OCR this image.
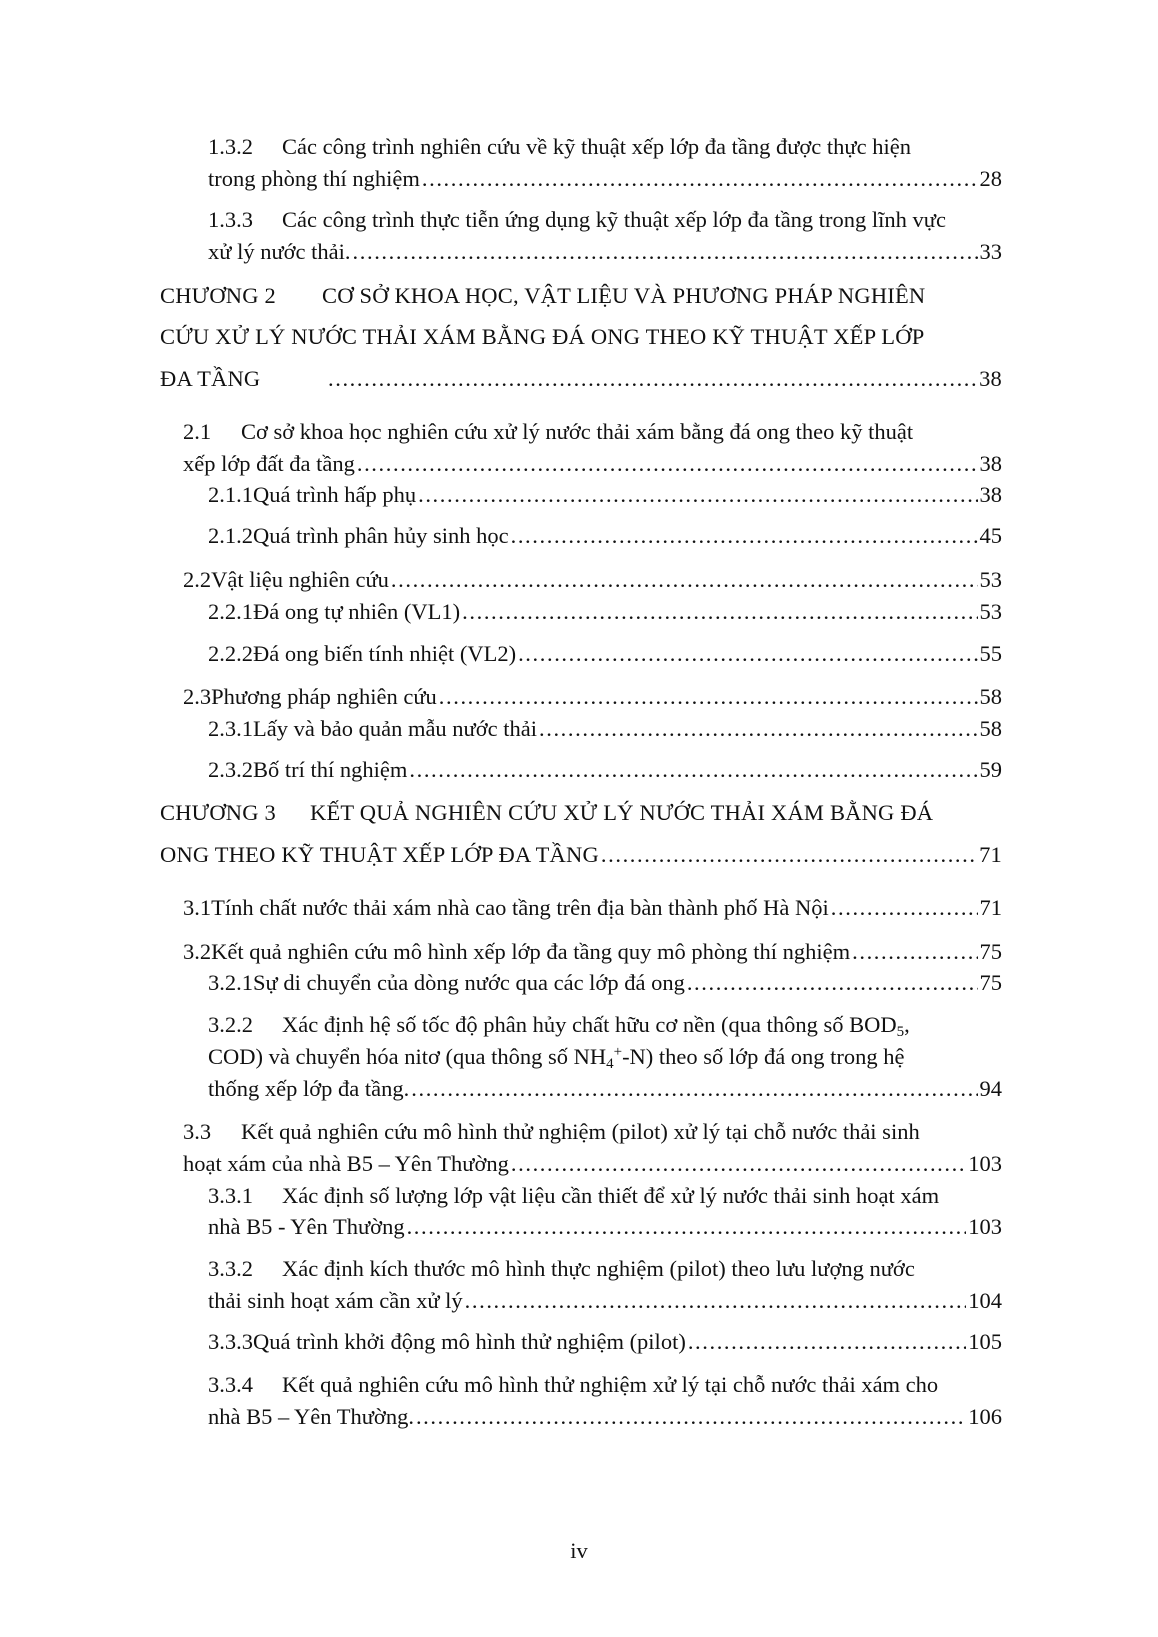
1.3.2 Các công trình nghiên cứu về kỹ thuật xếp lớp đa tầng được thực hiện
trong phòng thí nghiệm .....	28
1.3.3 Các công trình thực tiễn ứng dụng kỹ thuật xếp lớp đa tầng trong lĩnh vực
xử lý nước thải. .....	33
CHƯƠNG 2 CƠ SỞ KHOA HỌC, VẬT LIỆU VÀ PHƯƠNG PHÁP NGHIÊN
CỨU XỬ LÝ NƯỚC THẢI XÁM BẰNG ĐÁ ONG THEO KỸ THUẬT XẾP LỚP
ĐA TẦNG .....	38
2.1 Cơ sở khoa học nghiên cứu xử lý nước thải xám bằng đá ong theo kỹ thuật
xếp lớp đất đa tầng .....	38
2.1.1 Quá trình hấp phụ .....	38
2.1.2 Quá trình phân hủy sinh học .....	45
2.2 Vật liệu nghiên cứu .....	53
2.2.1 Đá ong tự nhiên (VL1) .....	53
2.2.2 Đá ong biến tính nhiệt (VL2) .....	55
2.3 Phương pháp nghiên cứu .....	58
2.3.1 Lấy và bảo quản mẫu nước thải .....	58
2.3.2 Bố trí thí nghiệm .....	59
CHƯƠNG 3 KẾT QUẢ NGHIÊN CỨU XỬ LÝ NƯỚC THẢI XÁM BẰNG ĐÁ
ONG THEO KỸ THUẬT XẾP LỚP ĐA TẦNG .....	71
3.1 Tính chất nước thải xám nhà cao tầng trên địa bàn thành phố Hà Nội .....	71
3.2 Kết quả nghiên cứu mô hình xếp lớp đa tầng quy mô phòng thí nghiệm .....	75
3.2.1 Sự di chuyển của dòng nước qua các lớp đá ong .....	75
3.2.2 Xác định hệ số tốc độ phân hủy chất hữu cơ nền (qua thông số $BOD_5$,
COD) và chuyển hóa nitơ (qua thông số $NH_4^+-N$) theo số lớp đá ong trong hệ
thống xếp lớp đa tầng. .....	94
3.3 Kết quả nghiên cứu mô hình thử nghiệm (pilot) xử lý tại chỗ nước thải sinh
hoạt xám của nhà B5 – Yên Thường .....	103
3.3.1 Xác định số lượng lớp vật liệu cần thiết để xử lý nước thải sinh hoạt xám
nhà B5 - Yên Thường .....	103
3.3.2 Xác định kích thước mô hình thực nghiệm (pilot) theo lưu lượng nước
thải sinh hoạt xám cần xử lý .....	104
3.3.3 Quá trình khởi động mô hình thử nghiệm (pilot) .....	105
3.3.4 Kết quả nghiên cứu mô hình thử nghiệm xử lý tại chỗ nước thải xám cho
nhà B5 – Yên Thường. .....	106
iv
